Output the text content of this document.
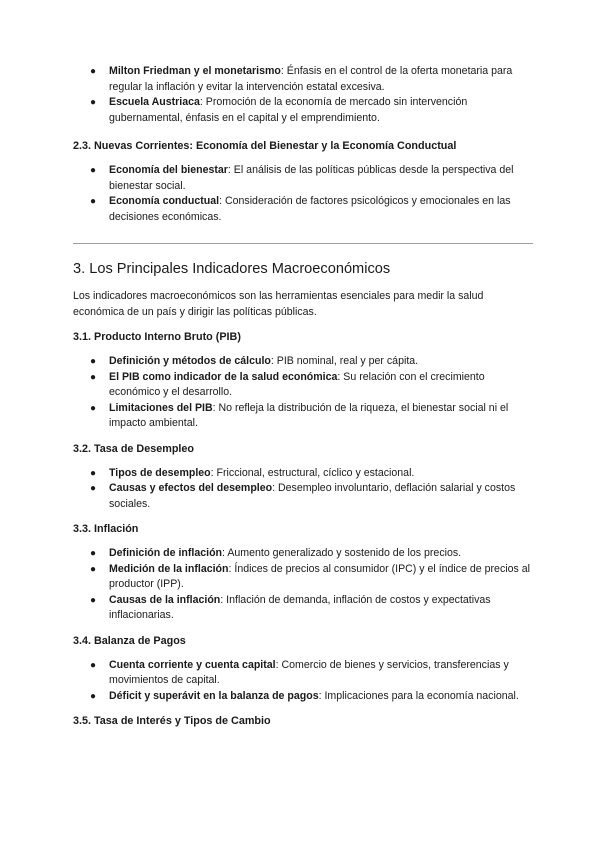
● Milton Friedman y el monetarismo: Énfasis en el control de la oferta monetaria para regular la inflación y evitar la intervención estatal excesiva.
● Escuela Austriaca: Promoción de la economía de mercado sin intervención gubernamental, énfasis en el capital y el emprendimiento.
2.3. Nuevas Corrientes: Economía del Bienestar y la Economía Conductual
● Economía del bienestar: El análisis de las políticas públicas desde la perspectiva del bienestar social.
● Economía conductual: Consideración de factores psicológicos y emocionales en las decisiones económicas.
3. Los Principales Indicadores Macroeconómicos

Los indicadores macroeconómicos son las herramientas esenciales para medir la salud económica de un país y dirigir las políticas públicas.

3.1. Producto Interno Bruto (PIB)
● Definición y métodos de cálculo: PIB nominal, real y per cápita.
● El PIB como indicador de la salud económica: Su relación con el crecimiento económico y el desarrollo.
● Limitaciones del PIB: No refleja la distribución de la riqueza, el bienestar social ni el impacto ambiental.
3.2. Tasa de Desempleo
● Tipos de desempleo: Friccional, estructural, cíclico y estacional.
● Causas y efectos del desempleo: Desempleo involuntario, deflación salarial y costos sociales.
3.3. Inflación
● Definición de inflación: Aumento generalizado y sostenido de los precios.
● Medición de la inflación: Índices de precios al consumidor (IPC) y el índice de precios al productor (IPP).
● Causas de la inflación: Inflación de demanda, inflación de costos y expectativas inflacionarias.
3.4. Balanza de Pagos
● Cuenta corriente y cuenta capital: Comercio de bienes y servicios, transferencias y movimientos de capital.
● Déficit y superávit en la balanza de pagos: Implicaciones para la economía nacional.
3.5. Tasa de Interés y Tipos de Cambio
